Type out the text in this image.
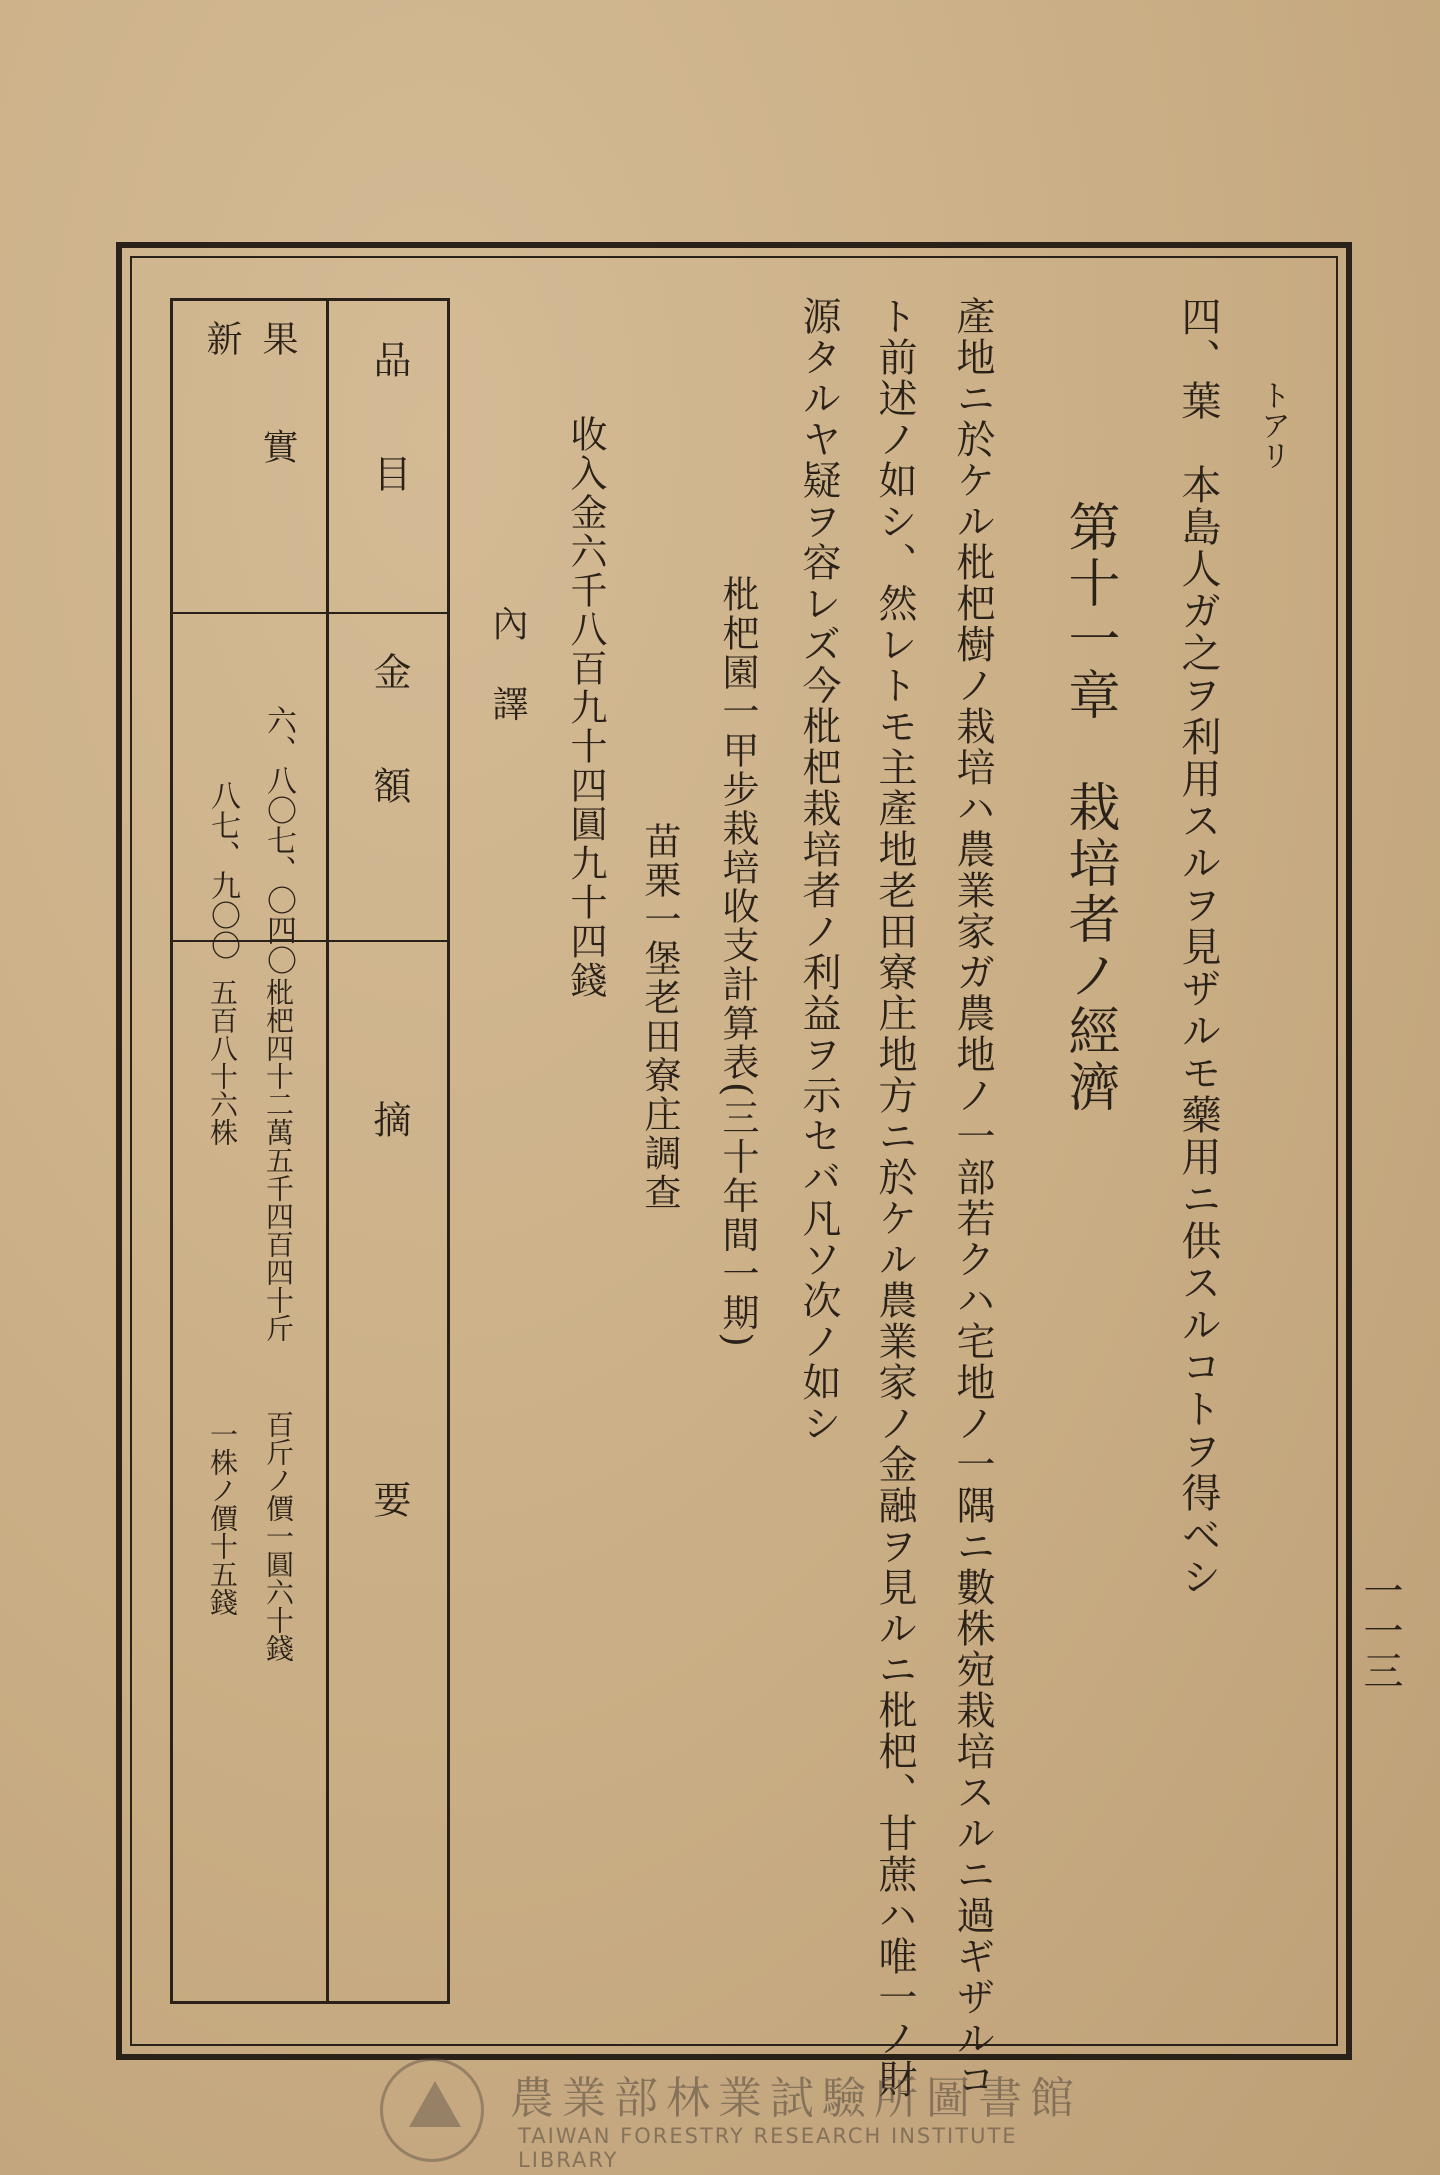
一一三
トアリ
四、葉　本島人ガ之ヲ利用スルヲ見ザルモ藥用ニ供スルコトヲ得ベシ
第十一章　栽培者ノ經濟
產地ニ於ケル枇杷樹ノ栽培ハ農業家ガ農地ノ一部若クハ宅地ノ一隅ニ數株宛栽培スルニ過ギザルコ
ト前述ノ如シ、然レトモ主產地老田寮庄地方ニ於ケル農業家ノ金融ヲ見ルニ枇杷、甘蔗ハ唯一ノ財
源タルヤ疑ヲ容レズ今枇杷栽培者ノ利益ヲ示セバ凡ソ次ノ如シ
枇杷園一甲步栽培收支計算表(三十年間一期)
苗栗一堡老田寮庄調查
收入金六千八百九十四圓九十四錢
內　譯
品　　目
金　　額
摘　　　　　　　　　要
果　　實
六、八〇七、〇四〇
枇杷四十二萬五千四百四十斤
百斤ノ價一圓六十錢
新　　　
八七、九〇〇
五百八十六株
一株ノ價十五錢
農業部林業試驗所圖書館
TAIWAN FORESTRY RESEARCH INSTITUTE LIBRARY
